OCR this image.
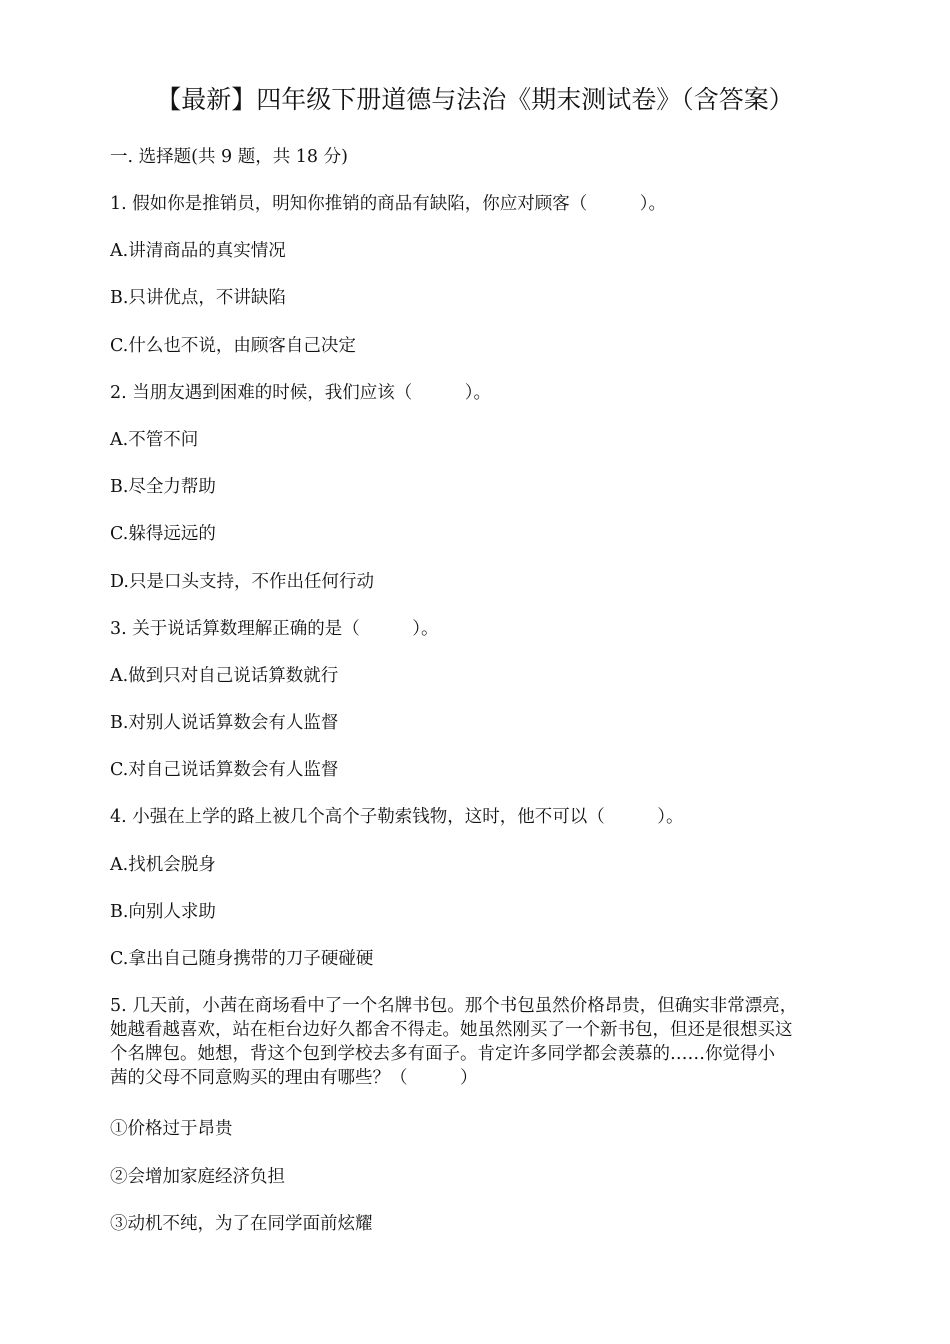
【最新】四年级下册道德与法治《期末测试卷》（含答案）
一. 选择题(共 9 题，共 18 分)
1. 假如你是推销员，明知你推销的商品有缺陷，你应对顾客（　　　）。
A.讲清商品的真实情况
B.只讲优点，不讲缺陷
C.什么也不说，由顾客自己决定
2. 当朋友遇到困难的时候，我们应该（　　　）。
A.不管不问
B.尽全力帮助
C.躲得远远的
D.只是口头支持，不作出任何行动
3. 关于说话算数理解正确的是（　　　）。
A.做到只对自己说话算数就行
B.对别人说话算数会有人监督
C.对自己说话算数会有人监督
4. 小强在上学的路上被几个高个子勒索钱物，这时，他不可以（　　　）。
A.找机会脱身
B.向别人求助
C.拿出自己随身携带的刀子硬碰硬
5. 几天前，小茜在商场看中了一个名牌书包。那个书包虽然价格昂贵，但确实非常漂亮，
她越看越喜欢，站在柜台边好久都舍不得走。她虽然刚买了一个新书包，但还是很想买这
个名牌包。她想，背这个包到学校去多有面子。肯定许多同学都会羡慕的……你觉得小
茜的父母不同意购买的理由有哪些？（　　　）
①价格过于昂贵
②会增加家庭经济负担
③动机不纯，为了在同学面前炫耀
